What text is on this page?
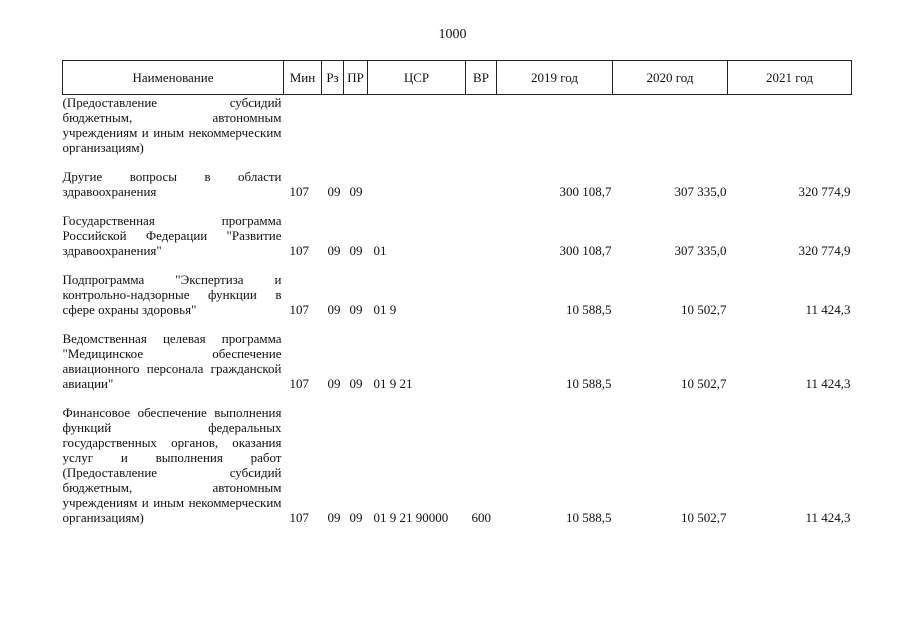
1000
Наименование	Мин	Рз	ПР	ЦСР	ВР	2019 год	2020 год	2021 год
(Предоставление субсидий бюджетным, автономным учреждениям и иным некоммерческим организациям)								

Другие вопросы в области здравоохранения	107	09	09			300 108,7	307 335,0	320 774,9

Государственная программа Российской Федерации "Развитие здравоохранения"	107	09	09	01		300 108,7	307 335,0	320 774,9

Подпрограмма "Экспертиза и контрольно-надзорные функции в сфере охраны здоровья"	107	09	09	01 9		10 588,5	10 502,7	11 424,3

Ведомственная целевая программа "Медицинское обеспечение авиационного персонала гражданской авиации"	107	09	09	01 9 21		10 588,5	10 502,7	11 424,3

Финансовое обеспечение выполнения функций федеральных государственных органов, оказания услуг и выполнения работ (Предоставление субсидий бюджетным, автономным учреждениям и иным некоммерческим организациям)	107	09	09	01 9 21 90000	600	10 588,5	10 502,7	11 424,3
